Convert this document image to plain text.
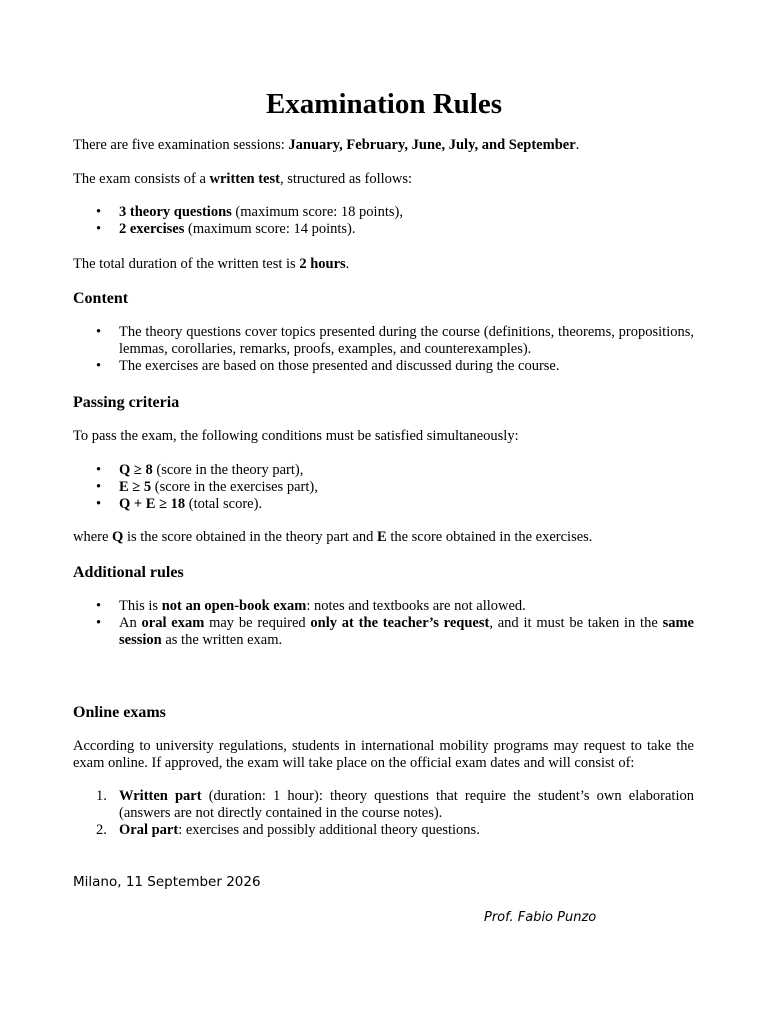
Examination Rules

There are five examination sessions: January, February, June, July, and September.

The exam consists of a written test, structured as follows:

• 3 theory questions (maximum score: 18 points),
• 2 exercises (maximum score: 14 points).

The total duration of the written test is 2 hours.

Content
• The theory questions cover topics presented during the course (definitions, theorems, propositions, lemmas, corollaries, remarks, proofs, examples, and counterexamples).
• The exercises are based on those presented and discussed during the course.
Passing criteria

To pass the exam, the following conditions must be satisfied simultaneously:

• Q ≥ 8 (score in the theory part),
• E ≥ 5 (score in the exercises part),
• Q + E ≥ 18 (total score).

where Q is the score obtained in the theory part and E the score obtained in the exercises.

Additional rules
• This is not an open-book exam: notes and textbooks are not allowed.
• An oral exam may be required only at the teacher’s request, and it must be taken in the same session as the written exam.
Online exams

According to university regulations, students in international mobility programs may request to take the exam online. If approved, the exam will take place on the official exam dates and will consist of:

1. Written part (duration: 1 hour): theory questions that require the student’s own elaboration (answers are not directly contained in the course notes).
2. Oral part: exercises and possibly additional theory questions.

Milano, 11 September 2026

Prof. Fabio Punzo
